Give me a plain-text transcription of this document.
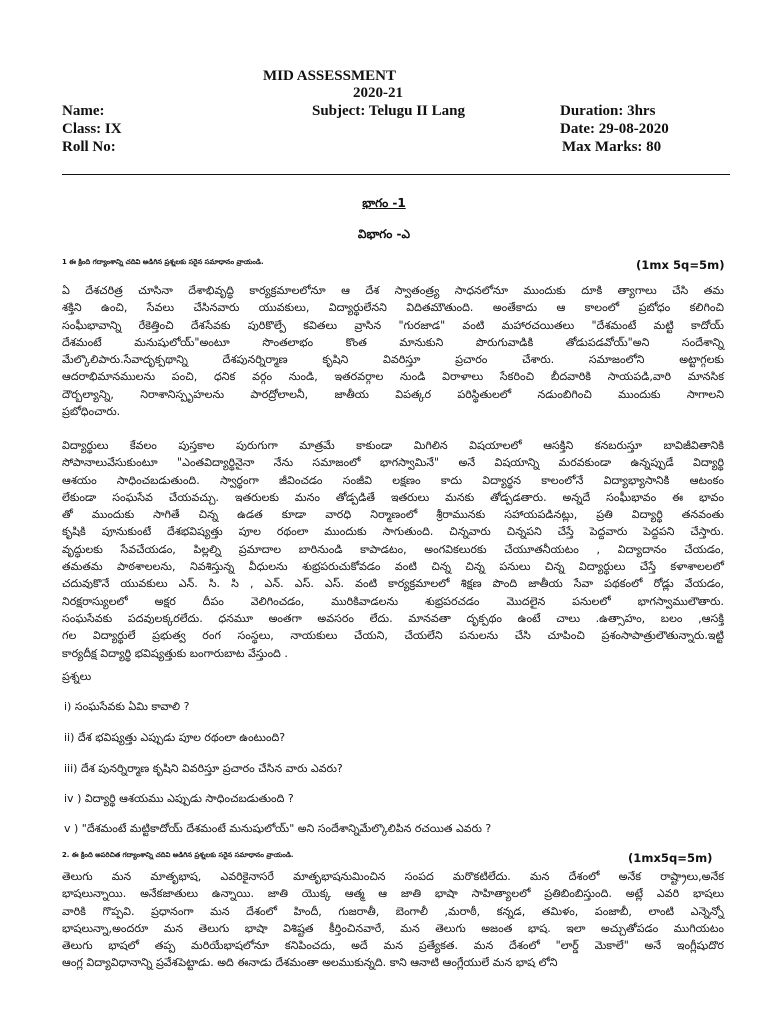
MID ASSESSMENT
2020-21
Name:	Subject: Telugu II Lang	Duration: 3hrs
Class: IX	Date: 29-08-2020
Roll No:	Max Marks: 80
భాగం -1
విభాగం -ఎ
1 ఈ క్రింది గద్యాంశాన్ని చదివి అడిగిన ప్రశ్నలకు సరైన సమాధానం వ్రాయండి.	(1mx 5q=5m)

ఏ దేశచరిత్ర చూసినా దేశాభివృద్ధి కార్యక్రమాలలోనూ ఆ దేశ స్వాతంత్ర్య సాధనలోనూ ముందుకు దూకి త్యాగాలు చేసి తమ

శక్తిని ఉంచి, సేవలు చేసినవారు యువకులు, విద్యార్థులేనని విదితమౌతుంది. అంతేకాదు ఆ కాలంలో ప్రబోధం కలిగించి

సంఘీభావాన్ని రేకెత్తించి దేశసేవకు పురికొల్పే కవితలు వ్రాసిన "గురజాడ" వంటి మహారచయితలు "దేశమంటే మట్టి కాదోయ్

దేశమంటే మనుషులోయ్"అంటూ సొంతలాభం కొంత మానుకుని పొరుగువాడికి తోడుపడవోయ్"అని సందేశాన్ని

మేల్కొలిపారు.సేవాదృక్పథాన్ని దేశపునర్నిర్మాణ కృషిని వివరిస్తూ ప్రచారం చేశారు. సమాజంలోని అట్టాగ్గలకు

ఆదరాభిమానములను పంచి, ధనిక వర్గం నుండి, ఇతరవర్గాల నుండి విరాళాలు సేకరించి బీదవారికి సాయపడి,వారి మానసిక

దౌర్బల్యాన్ని, నిరాశానిస్పృహలను పారద్రోలాలనీ, జాతీయ విపత్కర పరిస్థితులలో నడుంబిగించి ముందుకు సాగాలని

ప్రబోధించారు.

విద్యార్థులు కేవలం పుస్తకాల పురుగుగా మాత్రమే కాకుండా మిగిలిన విషయాలలో ఆసక్తిని కనబరుస్తూ బావిజీవితానికి

సోపానాలువేసుకుంటూ "ఎంతవిద్యార్థినైనా నేను సమాజంలో భాగస్వామినే" అనే విషయాన్ని మరవకుండా ఉన్నప్పుడే విద్యార్థి

ఆశయం సాధించబడుతుంది. స్వార్థంగా జీవించడం సంజీవి లక్షణం కాదు విద్యార్థన కాలంలోనే విద్యాభ్యాసానికి ఆటంకం

లేకుండా సంఘసేవ చేయవచ్చు. ఇతరులకు మనం తోడ్పడితే ఇతరులు మనకు తోడ్పడతారు. అన్నదే సంఘీభావం ఈ భావం

తో ముందుకు సాగితే చిన్న ఉడత కూడా వారధి నిర్మాణంలో శ్రీరామునకు సహాయపడినట్లు, ప్రతి విద్యార్థి తనవంతు

కృషికి పూనుకుంటే దేశభవిష్యత్తు పూల రథంలా ముందుకు సాగుతుంది. చిన్నవారు చిన్నపని చేస్తే పెద్దవారు పెద్దపని చేస్తారు.

వృద్ధులకు సేవచేయడం, పిల్లల్ని ప్రమాదాల బారినుండి కాపాడటం, అంగవికలురకు చేయూతనీయటం , విద్యాదానం చేయడం,

తమతమ పాఠశాలలను, నివశిస్తున్న వీధులను శుభ్రపరుచుకోవడం వంటి చిన్న చిన్న పనులు చిన్న విద్యార్థులు చేస్తే కళాశాలలలో

చదువుకొనే యువకులు ఎన్. సి. సి , ఎన్. ఎస్. ఎస్. వంటి కార్యక్రమాలలో శిక్షణ పొంది జాతీయ సేవా పథకంలో రోడ్లు వేయడం,

నిరక్షరాస్యులలో అక్షర దీపం వెలిగించడం, మురికివాడలను శుభ్రపరచడం మొదలైన పనులలో భాగస్వాములౌతారు.

సంఘసేవకు పదవులక్కరలేదు. ధనమూ అంతగా అవసరం లేదు. మానవతా దృక్పథం ఉంటే చాలు .ఉత్సాహం, బలం ,ఆసక్తి

గల విద్యార్థులే ప్రభుత్వ రంగ సంస్థలు, నాయకులు చేయని, చేయలేని పనులను చేసి చూపించి ప్రశంసాపాత్రులౌతున్నారు.ఇట్టి

కార్యదీక్ష విద్యార్థి భవిష్యత్తుకు బంగారుబాట వేస్తుంది .

ప్రశ్నలు
i) సంఘసేవకు ఏమి కావాలి ?
ii) దేశ భవిష్యత్తు ఎప్పుడు పూల రథంలా ఉంటుంది?
iii) దేశ పునర్నిర్మాణ కృషిని వివరిస్తూ ప్రచారం చేసిన వారు ఎవరు?
iv ) విద్యార్థి ఆశయము ఎప్పుడు సాధించబడుతుంది ?
v ) "దేశమంటే మట్టికాదోయ్ దేశమంటే మనుషులోయ్" అని సందేశాన్నిమేల్కొలిపిన రచయిత ఎవరు ?
2. ఈ క్రింది అపరిచిత గద్యాంశాన్ని చదివి అడిగిన ప్రశ్నలకు సరైన సమాధానం వ్రాయండి.	(1mx5q=5m)

తెలుగు మన మాతృభాష, ఎవరికైనాసరే మాతృభాషనుమించిన సంపద మరొకటిలేదు. మన దేశంలో అనేక రాష్ట్రాలు,అనేక

భాషలున్నాయి. అనేకజాతులు ఉన్నాయి. జాతి యొక్క ఆత్మ ఆ జాతి భాషా సాహిత్యాలలో ప్రతిబింబిస్తుంది. అట్లే ఎవరి భాషలు

వారికి గొప్పవి. ప్రధానంగా మన దేశంలో హిందీ, గుజరాతీ, బెంగాలీ ,మరాఠీ, కన్నడ, తమిళం, పంజాబీ, లాంటి ఎన్నెన్నో

భాషలున్నా,అందరూ మన తెలుగు భాషా విశిష్టత కీర్తించినవారే, మన తెలుగు అజంత భాష. ఇలా అచ్చుతోపడం ముగియటం

తెలుగు భాషలో తప్ప మరియేభాషలోనూ కనిపించదు, అదే మన ప్రత్యేకత. మన దేశంలో "లార్డ్ మెకాలే" అనే ఇంగ్లీషుదొర

ఆంగ్ల విద్యావిధానాన్ని ప్రవేశపెట్టాడు. అది ఈనాడు దేశమంతా అలముకున్నది. కాని ఆనాటి ఆంగ్లేయులే మన భాష లోని
